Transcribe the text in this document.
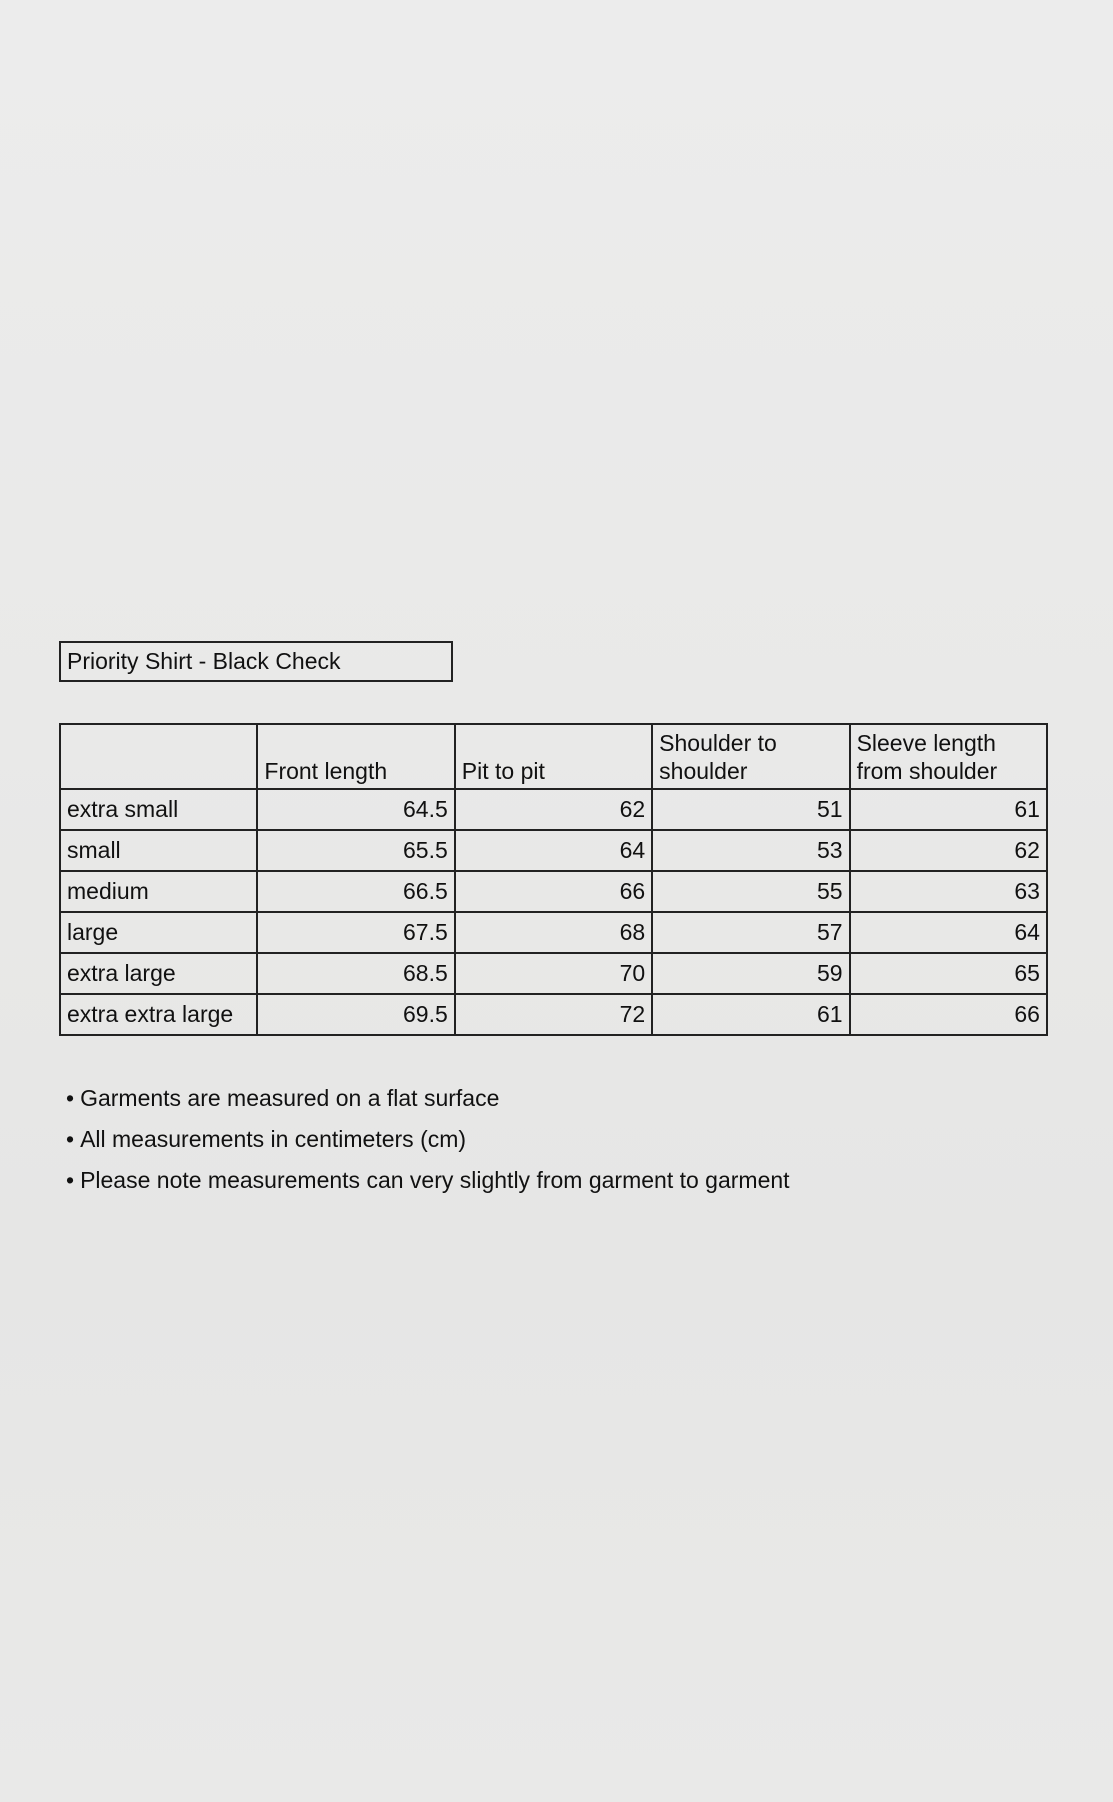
Priority Shirt - Black Check
	Front length	Pit to pit	Shoulder to shoulder	Sleeve length from shoulder
extra small	64.5	62	51	61
small	65.5	64	53	62
medium	66.5	66	55	63
large	67.5	68	57	64
extra large	68.5	70	59	65
extra extra large	69.5	72	61	66
• Garments are measured on a flat surface
• All measurements in centimeters (cm)
• Please note measurements can very slightly from garment to garment
